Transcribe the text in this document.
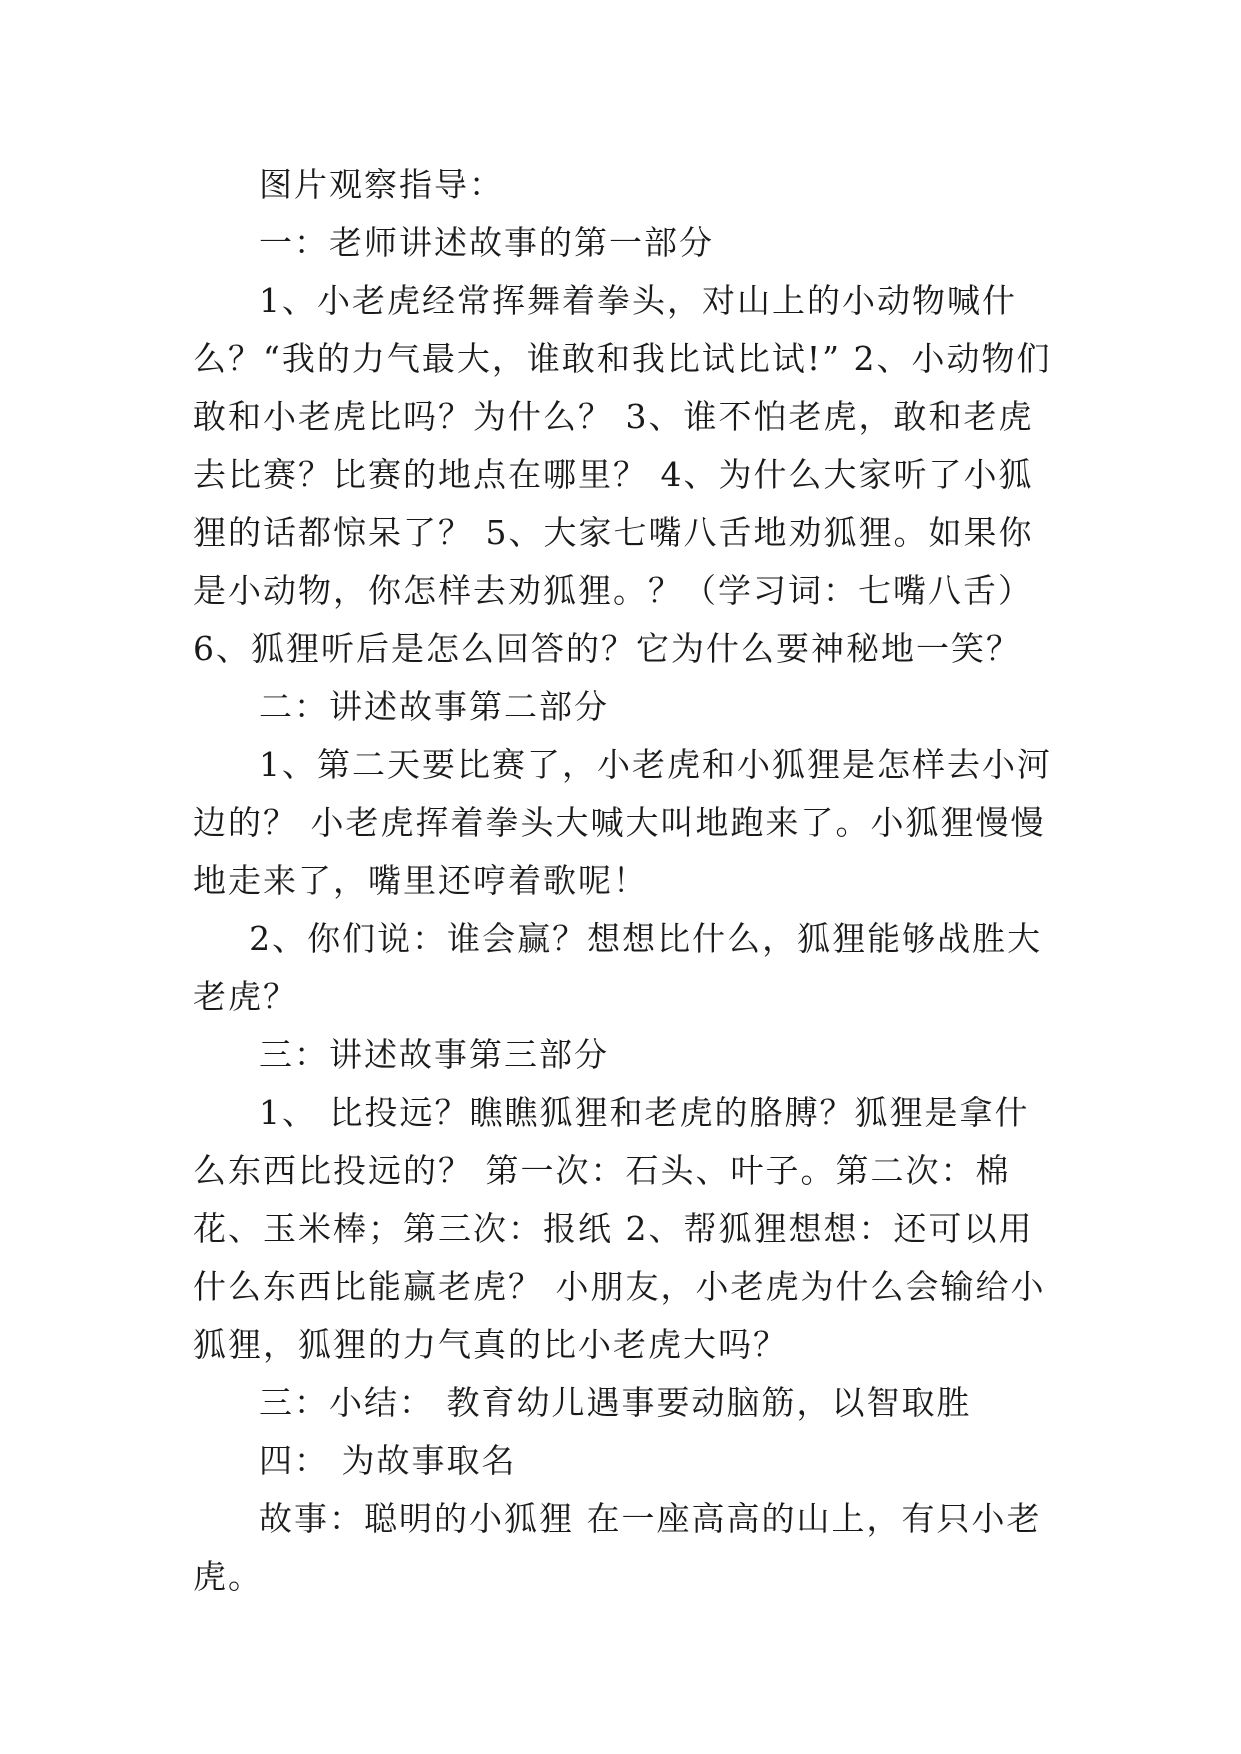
图片观察指导：

一：老师讲述故事的第一部分

1、小老虎经常挥舞着拳头，对山上的小动物喊什么？“我的力气最大，谁敢和我比试比试!” 2、小动物们敢和小老虎比吗？为什么？ 3、谁不怕老虎，敢和老虎去比赛？比赛的地点在哪里？ 4、为什么大家听了小狐狸的话都惊呆了？ 5、大家七嘴八舌地劝狐狸。如果你是小动物，你怎样去劝狐狸。？（学习词：七嘴八舌） 6、狐狸听后是怎么回答的？它为什么要神秘地一笑？

二：讲述故事第二部分

1、第二天要比赛了，小老虎和小狐狸是怎样去小河边的？ 小老虎挥着拳头大喊大叫地跑来了。小狐狸慢慢地走来了，嘴里还哼着歌呢！

2、你们说：谁会赢？想想比什么，狐狸能够战胜大老虎？

三：讲述故事第三部分

1、 比投远？瞧瞧狐狸和老虎的胳膊？狐狸是拿什么东西比投远的？ 第一次：石头、叶子。第二次：棉花、玉米棒；第三次：报纸 2、帮狐狸想想：还可以用什么东西比能赢老虎？ 小朋友，小老虎为什么会输给小狐狸，狐狸的力气真的比小老虎大吗？

三：小结： 教育幼儿遇事要动脑筋，以智取胜

四： 为故事取名

故事：聪明的小狐狸 在一座高高的山上，有只小老虎。
